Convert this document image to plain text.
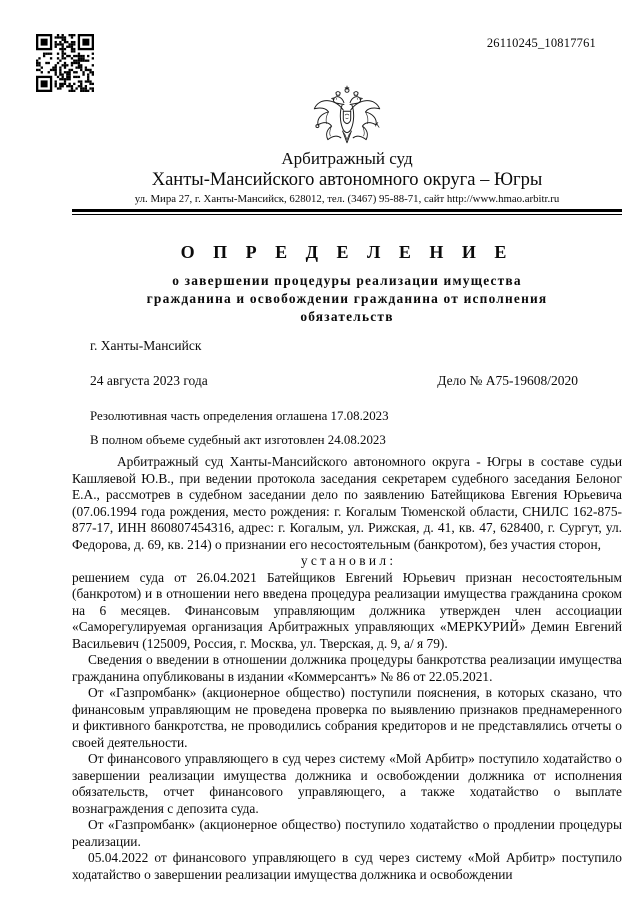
26110245_10817761
Арбитражный суд
Ханты-Мансийского автономного округа – Югры
ул. Мира 27, г. Ханты-Мансийск, 628012, тел. (3467) 95-88-71, сайт http://www.hmao.arbitr.ru
О П Р Е Д Е Л Е Н И Е
о завершении процедуры реализации имущества
гражданина и освобождении гражданина от исполнения
обязательств
г. Ханты-Мансийск
24 августа 2023 года	Дело № А75-19608/2020
Резолютивная часть определения оглашена 17.08.2023
В полном объеме судебный акт изготовлен 24.08.2023

Арбитражный суд Ханты-Мансийского автономного округа - Югры в составе судьи Кашляевой Ю.В., при ведении протокола заседания секретарем судебного заседания Белоног Е.А., рассмотрев в судебном заседании дело по заявлению Батейщикова Евгения Юрьевича (07.06.1994 года рождения, место рождения: г. Когалым Тюменской области, СНИЛС 162-875-877-17, ИНН 860807454316, адрес: г. Когалым, ул. Рижская, д. 41, кв. 47, 628400, г. Сургут, ул. Федорова, д. 69, кв. 214) о признании его несостоятельным (банкротом), без участия сторон,

у с т а н о в и л :

решением суда от 26.04.2021 Батейщиков Евгений Юрьевич признан несостоятельным (банкротом) и в отношении него введена процедура реализации имущества гражданина сроком на 6 месяцев. Финансовым управляющим должника утвержден член ассоциации «Саморегулируемая организация Арбитражных управляющих «МЕРКУРИЙ» Демин Евгений Васильевич (125009, Россия, г. Москва, ул. Тверская, д. 9, а/ я 79).

Сведения о введении в отношении должника процедуры банкротства реализации имущества гражданина опубликованы в издании «Коммерсантъ» № 86 от 22.05.2021.

От «Газпромбанк» (акционерное общество) поступили пояснения, в которых сказано, что финансовым управляющим не проведена проверка по выявлению признаков преднамеренного и фиктивного банкротства, не проводились собрания кредиторов и не представлялись отчеты о своей деятельности.

От финансового управляющего в суд через систему «Мой Арбитр» поступило ходатайство о завершении реализации имущества должника и освобождении должника от исполнения обязательств, отчет финансового управляющего, а также ходатайство о выплате вознаграждения с депозита суда.

От «Газпромбанк» (акционерное общество) поступило ходатайство о продлении процедуры реализации.

05.04.2022 от финансового управляющего в суд через систему «Мой Арбитр» поступило ходатайство о завершении реализации имущества должника и освобождении
